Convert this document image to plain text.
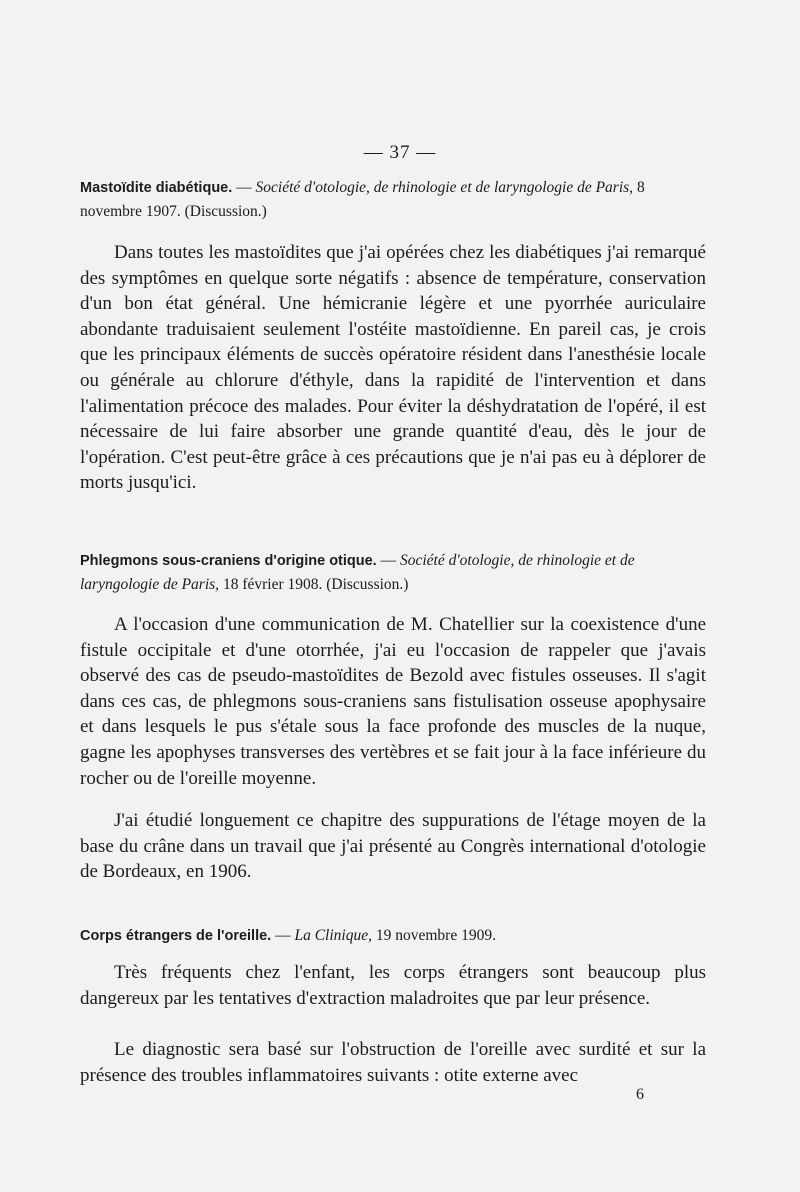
— 37 —

Mastoïdite diabétique. — Société d'otologie, de rhinologie et de laryngologie de Paris, 8 novembre 1907. (Discussion.)

Dans toutes les mastoïdites que j'ai opérées chez les diabétiques j'ai remarqué des symptômes en quelque sorte négatifs : absence de température, conservation d'un bon état général. Une hémicranie légère et une pyorrhée auriculaire abondante traduisaient seulement l'ostéite mastoïdienne. En pareil cas, je crois que les principaux éléments de succès opératoire résident dans l'anesthésie locale ou générale au chlorure d'éthyle, dans la rapidité de l'intervention et dans l'alimentation précoce des malades. Pour éviter la déshydratation de l'opéré, il est nécessaire de lui faire absorber une grande quantité d'eau, dès le jour de l'opération. C'est peut-être grâce à ces précautions que je n'ai pas eu à déplorer de morts jusqu'ici.

Phlegmons sous-craniens d'origine otique. — Société d'otologie, de rhinologie et de laryngologie de Paris, 18 février 1908. (Discussion.)

A l'occasion d'une communication de M. Chatellier sur la coexistence d'une fistule occipitale et d'une otorrhée, j'ai eu l'occasion de rappeler que j'avais observé des cas de pseudo-mastoïdites de Bezold avec fistules osseuses. Il s'agit dans ces cas, de phlegmons sous-craniens sans fistulisation osseuse apophysaire et dans lesquels le pus s'étale sous la face profonde des muscles de la nuque, gagne les apophyses transverses des vertèbres et se fait jour à la face inférieure du rocher ou de l'oreille moyenne.

J'ai étudié longuement ce chapitre des suppurations de l'étage moyen de la base du crâne dans un travail que j'ai présenté au Congrès international d'otologie de Bordeaux, en 1906.

Corps étrangers de l'oreille. — La Clinique, 19 novembre 1909.

Très fréquents chez l'enfant, les corps étrangers sont beaucoup plus dangereux par les tentatives d'extraction maladroites que par leur présence.

Le diagnostic sera basé sur l'obstruction de l'oreille avec surdité et sur la présence des troubles inflammatoires suivants : otite externe avec

6
